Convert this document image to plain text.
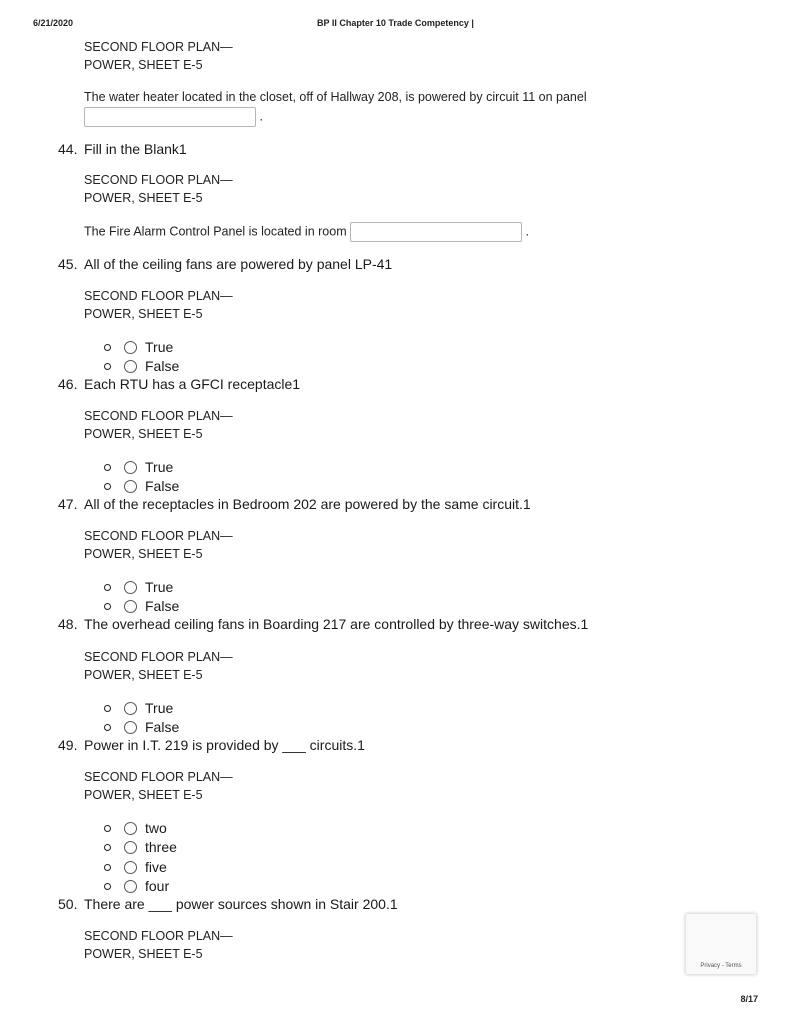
6/21/2020	BP II Chapter 10 Trade Competency |
SECOND FLOOR PLAN—
POWER, SHEET E-5
The water heater located in the closet, off of Hallway 208, is powered by circuit 11 on panel
.
44. Fill in the Blank1
SECOND FLOOR PLAN—
POWER, SHEET E-5
The Fire Alarm Control Panel is located in room	.
45. All of the ceiling fans are powered by panel LP-41
SECOND FLOOR PLAN—
POWER, SHEET E-5
True
False
46. Each RTU has a GFCI receptacle1
SECOND FLOOR PLAN—
POWER, SHEET E-5
True
False
47. All of the receptacles in Bedroom 202 are powered by the same circuit.1
SECOND FLOOR PLAN—
POWER, SHEET E-5
True
False
48. The overhead ceiling fans in Boarding 217 are controlled by three-way switches.1
SECOND FLOOR PLAN—
POWER, SHEET E-5
True
False
49. Power in I.T. 219 is provided by ___ circuits.1
SECOND FLOOR PLAN—
POWER, SHEET E-5
two
three
five
four
50. There are ___ power sources shown in Stair 200.1
SECOND FLOOR PLAN—
POWER, SHEET E-5
Privacy - Terms
8/17
